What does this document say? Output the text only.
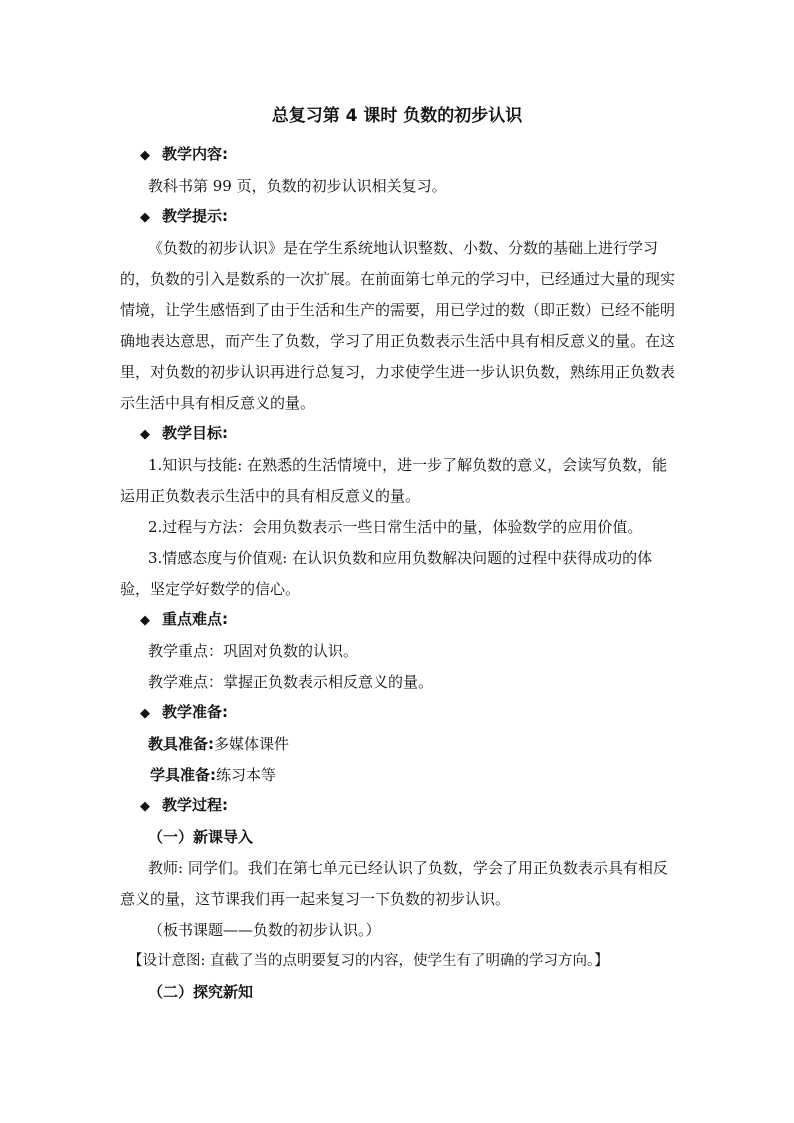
总复习第 4 课时 负数的初步认识
◆ 教学内容:
教科书第 99 页，负数的初步认识相关复习。
◆ 教学提示:

《负数的初步认识》是在学生系统地认识整数、小数、分数的基础上进行学习的，负数的引入是数系的一次扩展。在前面第七单元的学习中，已经通过大量的现实情境，让学生感悟到了由于生活和生产的需要，用已学过的数（即正数）已经不能明确地表达意思，而产生了负数，学习了用正负数表示生活中具有相反意义的量。在这里，对负数的初步认识再进行总复习，力求使学生进一步认识负数，熟练用正负数表示生活中具有相反意义的量。

◆ 教学目标:

1.知识与技能: 在熟悉的生活情境中，进一步了解负数的意义，会读写负数，能运用正负数表示生活中的具有相反意义的量。

2.过程与方法：会用负数表示一些日常生活中的量，体验数学的应用价值。

3.情感态度与价值观: 在认识负数和应用负数解决问题的过程中获得成功的体验，坚定学好数学的信心。

◆ 重点难点:
教学重点：巩固对负数的认识。
教学难点：掌握正负数表示相反意义的量。
◆ 教学准备:
教具准备:多媒体课件
学具准备:练习本等
◆ 教学过程:
（一）新课导入

教师: 同学们。我们在第七单元已经认识了负数，学会了用正负数表示具有相反意义的量，这节课我们再一起来复习一下负数的初步认识。

（板书课题——负数的初步认识。）

【设计意图: 直截了当的点明要复习的内容，使学生有了明确的学习方向。】
（二）探究新知
